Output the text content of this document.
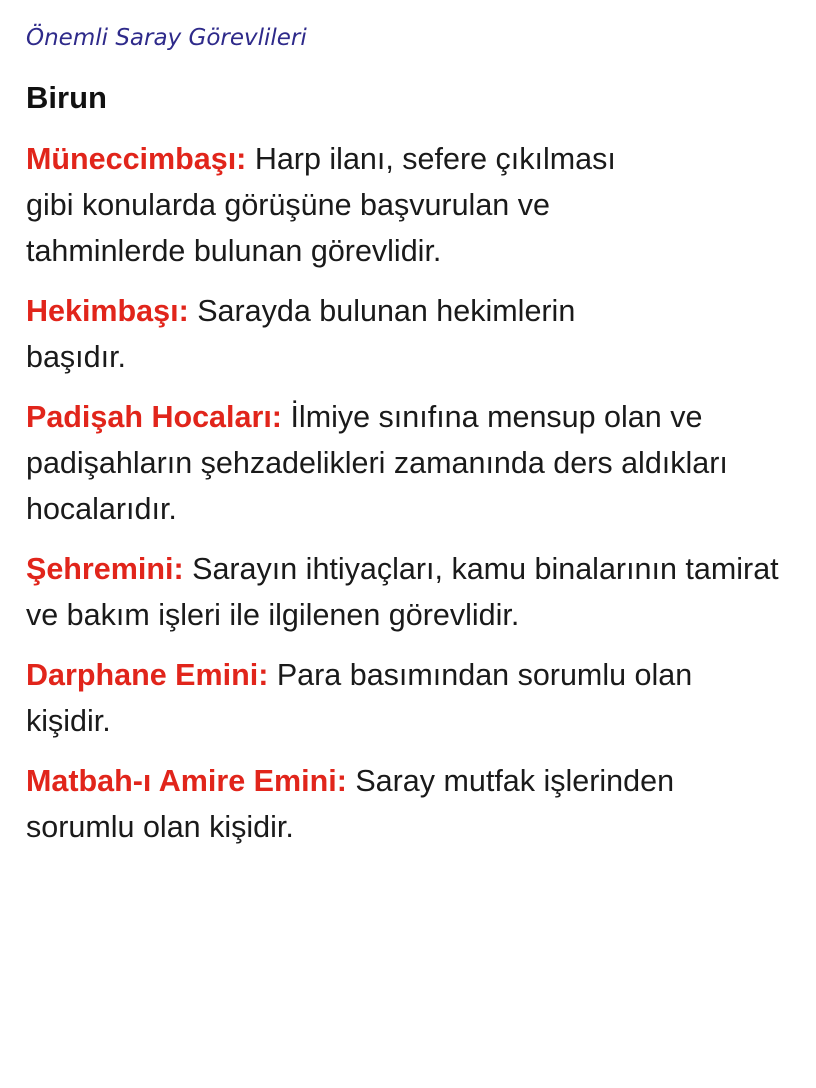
Önemli Saray Görevlileri
Birun

Müneccimbaşı: Harp ilanı, sefere çıkılması gibi konularda görüşüne başvurulan ve tahminlerde bulunan görevlidir.

Hekimbaşı: Sarayda bulunan hekimlerin başıdır.

Padişah Hocaları: İlmiye sınıfına mensup olan ve padişahların şehzadelikleri zamanında ders aldıkları hocalarıdır.

Şehremini: Sarayın ihtiyaçları, kamu binalarının tamirat ve bakım işleri ile ilgilenen görevlidir.

Darphane Emini: Para basımından sorumlu olan kişidir.

Matbah-ı Amire Emini: Saray mutfak işlerinden sorumlu olan kişidir.
